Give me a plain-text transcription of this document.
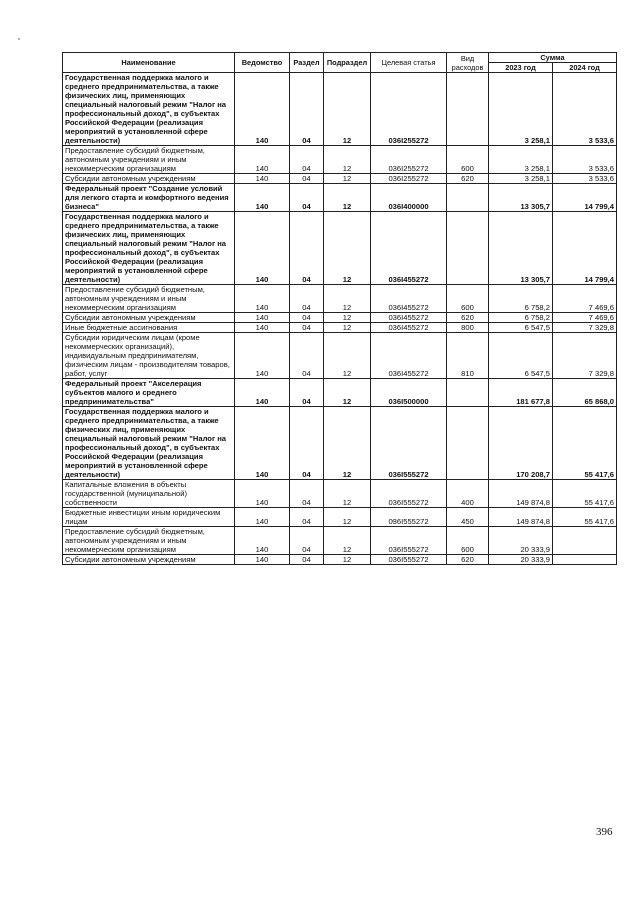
Наименование	Ведомство	Раздел	Подраздел	Целевая статья	Вид расходов	Сумма	
						2023 год	2024 год
Государственная поддержка малого и среднего предпринимательства, а также физических лиц, применяющих специальный налоговый режим "Налог на профессиональный доход", в субъектах Российской Федерации (реализация мероприятий в установленной сфере деятельности)	140	04	12	036I255272		3 258,1	3 533,6
Предоставление субсидий бюджетным, автономным учреждениям и иным некоммерческим организациям	140	04	12	036I255272	600	3 258,1	3 533,6
Субсидии автономным учреждениям	140	04	12	036I255272	620	3 258,1	3 533,6
Федеральный проект "Создание условий для легкого старта и комфортного ведения бизнеса"	140	04	12	036I400000		13 305,7	14 799,4
Государственная поддержка малого и среднего предпринимательства, а также физических лиц, применяющих специальный налоговый режим "Налог на профессиональный доход", в субъектах Российской Федерации (реализация мероприятий в установленной сфере деятельности)	140	04	12	036I455272		13 305,7	14 799,4
Предоставление субсидий бюджетным, автономным учреждениям и иным некоммерческим организациям	140	04	12	036I455272	600	6 758,2	7 469,6
Субсидии автономным учреждениям	140	04	12	036I455272	620	6 758,2	7 469,6
Иные бюджетные ассигнования	140	04	12	036I455272	800	6 547,5	7 329,8
Субсидии юридическим лицам (кроме некоммерческих организаций), индивидуальным предпринимателям, физическим лицам - производителям товаров, работ, услуг	140	04	12	036I455272	810	6 547,5	7 329,8
Федеральный проект "Акселерация субъектов малого и среднего предпринимательства"	140	04	12	036I500000		181 677,8	65 868,0
Государственная поддержка малого и среднего предпринимательства, а также физических лиц, применяющих специальный налоговый режим "Налог на профессиональный доход", в субъектах Российской Федерации (реализация мероприятий в установленной сфере деятельности)	140	04	12	036I555272		170 208,7	55 417,6
Капитальные вложения в объекты государственной (муниципальной) собственности	140	04	12	036I555272	400	149 874,8	55 417,6
Бюджетные инвестиции иным юридическим лицам	140	04	12	036I555272	450	149 874,8	55 417,6
Предоставление субсидий бюджетным, автономным учреждениям и иным некоммерческим организациям	140	04	12	036I555272	600	20 333,9	
Субсидии автономным учреждениям	140	04	12	036I555272	620	20 333,9	
396
